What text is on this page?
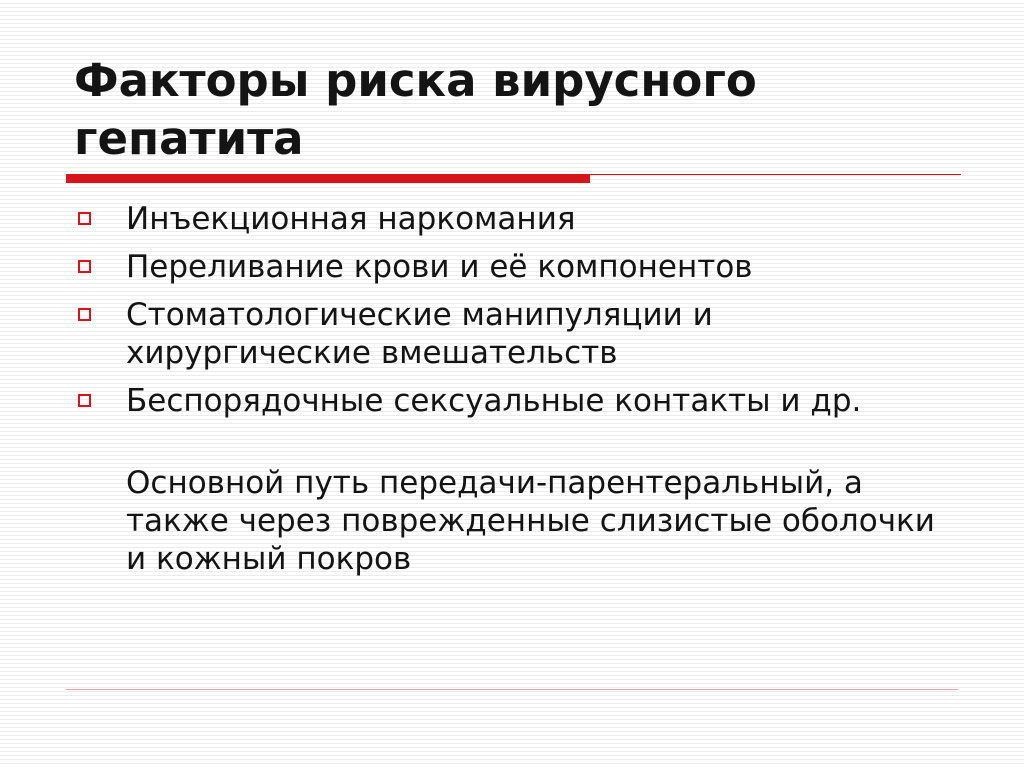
Факторы риска вирусного
гепатита
Инъекционная наркомания
Переливание крови и её компонентов
Стоматологические манипуляции и хирургические вмешательств
Беспорядочные сексуальные контакты и др.
Основной путь передачи-парентеральный, а также через поврежденные слизистые оболочки и кожный покров
